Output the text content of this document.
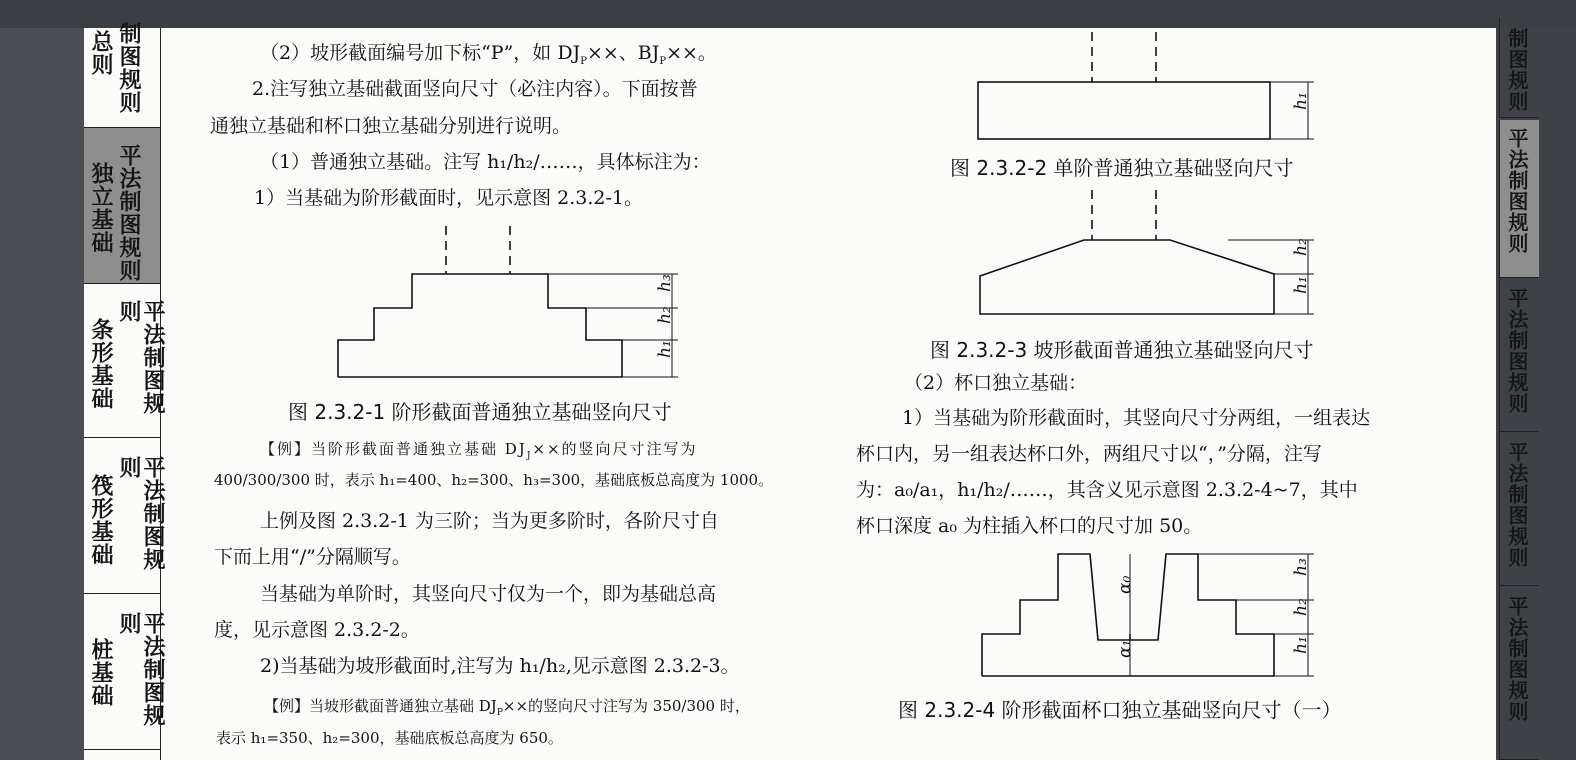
总则 制图规则
独立基础 平法制图规则
条形基础	平法制图规则
筏形基础	平法制图规则
桩基础	平法制图规则
制图规则
平法制图规则
平法制图规则
平法制图规则
平法制图规则
（2）坡形截面编号加下标“P”，如 $DJ_P\times\times$、$BJ_P\times\times$。
2.注写独立基础截面竖向尺寸（必注内容）。下面按普
通独立基础和杯口独立基础分别进行说明。
（1）普通独立基础。注写 h₁/h₂/……，具体标注为：
1）当基础为阶形截面时，见示意图 2.3.2-1。
h₃
h₂
h₁
图 2.3.2-1 阶形截面普通独立基础竖向尺寸
【例】当阶形截面普通独立基础 $DJ_J\times\times$的竖向尺寸注写为
400/300/300 时，表示 h₁=400、h₂=300、h₃=300，基础底板总高度为 1000。
上例及图 2.3.2-1 为三阶；当为更多阶时，各阶尺寸自
下而上用“/”分隔顺写。
当基础为单阶时，其竖向尺寸仅为一个，即为基础总高
度，见示意图 2.3.2-2。
2)当基础为坡形截面时,注写为 h₁/h₂,见示意图 2.3.2-3。
【例】当坡形截面普通独立基础 $DJ_P\times\times$的竖向尺寸注写为 350/300 时，
表示 h₁=350、h₂=300，基础底板总高度为 650。
h₁
图 2.3.2-2 单阶普通独立基础竖向尺寸
h₂
h₁
图 2.3.2-3 坡形截面普通独立基础竖向尺寸
（2）杯口独立基础：
1）当基础为阶形截面时，其竖向尺寸分两组，一组表达
杯口内，另一组表达杯口外，两组尺寸以“，”分隔，注写
为：a₀/a₁，h₁/h₂/……，其含义见示意图 2.3.2-4~7，其中
杯口深度 a₀ 为柱插入杯口的尺寸加 50。
h₃
h₂
h₁
α₀
α₁
图 2.3.2-4 阶形截面杯口独立基础竖向尺寸（一）
